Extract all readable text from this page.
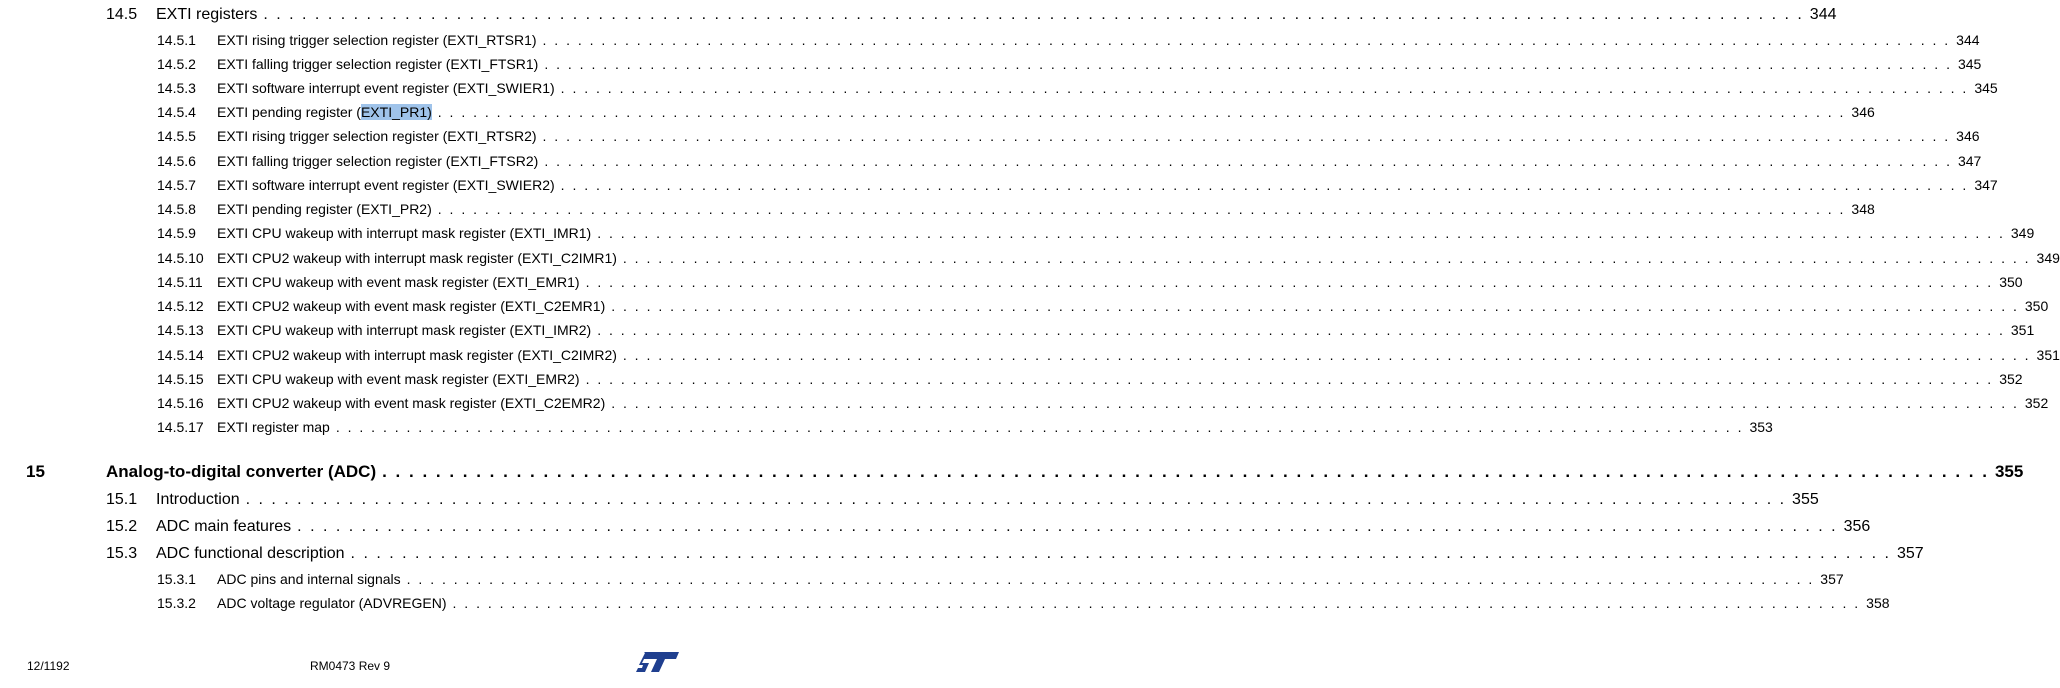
14.5 EXTI registers . . . . . . . . . . . . . . . . . . . . . . . . . . . . . . . . . . . . . . . . . . . . . . . . . . . . . . . . . . . . . . . . . . . . . . . . . . . . . . . . . . . . . . . . . . . . . . . . . . . . . . . . . . . . . . . . . . . . . . . . 344
14.5.1 EXTI rising trigger selection register (EXTI_RTSR1) . . . . . . . . . . . . . . . . . . . . . . . . . . . . . . . . . . . . . . . . . . . . . . . . . . . . . . . . . . . . . . . . . . . . . . . . . . . . . . . . . . . . . . . . . . . . . . . . . . . . . . . . . . . . . . . . . . . . . . . . 344
14.5.2 EXTI falling trigger selection register (EXTI_FTSR1) . . . . . . . . . . . . . . . . . . . . . . . . . . . . . . . . . . . . . . . . . . . . . . . . . . . . . . . . . . . . . . . . . . . . . . . . . . . . . . . . . . . . . . . . . . . . . . . . . . . . . . . . . . . . . . . . . . . . . . . . 345
14.5.3 EXTI software interrupt event register (EXTI_SWIER1) . . . . . . . . . . . . . . . . . . . . . . . . . . . . . . . . . . . . . . . . . . . . . . . . . . . . . . . . . . . . . . . . . . . . . . . . . . . . . . . . . . . . . . . . . . . . . . . . . . . . . . . . . . . . . . . . . . . . . . . . 345
14.5.4 EXTI pending register (EXTI_PR1) . . . . . . . . . . . . . . . . . . . . . . . . . . . . . . . . . . . . . . . . . . . . . . . . . . . . . . . . . . . . . . . . . . . . . . . . . . . . . . . . . . . . . . . . . . . . . . . . . . . . . . . . . . . . . . . . . . . . . . . . 346
14.5.5 EXTI rising trigger selection register (EXTI_RTSR2) . . . . . . . . . . . . . . . . . . . . . . . . . . . . . . . . . . . . . . . . . . . . . . . . . . . . . . . . . . . . . . . . . . . . . . . . . . . . . . . . . . . . . . . . . . . . . . . . . . . . . . . . . . . . . . . . . . . . . . . . 346
14.5.6 EXTI falling trigger selection register (EXTI_FTSR2) . . . . . . . . . . . . . . . . . . . . . . . . . . . . . . . . . . . . . . . . . . . . . . . . . . . . . . . . . . . . . . . . . . . . . . . . . . . . . . . . . . . . . . . . . . . . . . . . . . . . . . . . . . . . . . . . . . . . . . . . 347
14.5.7 EXTI software interrupt event register (EXTI_SWIER2) . . . . . . . . . . . . . . . . . . . . . . . . . . . . . . . . . . . . . . . . . . . . . . . . . . . . . . . . . . . . . . . . . . . . . . . . . . . . . . . . . . . . . . . . . . . . . . . . . . . . . . . . . . . . . . . . . . . . . . . . 347
14.5.8 EXTI pending register (EXTI_PR2) . . . . . . . . . . . . . . . . . . . . . . . . . . . . . . . . . . . . . . . . . . . . . . . . . . . . . . . . . . . . . . . . . . . . . . . . . . . . . . . . . . . . . . . . . . . . . . . . . . . . . . . . . . . . . . . . . . . . . . . . 348
14.5.9 EXTI CPU wakeup with interrupt mask register (EXTI_IMR1) . . . . . . . . . . . . . . . . . . . . . . . . . . . . . . . . . . . . . . . . . . . . . . . . . . . . . . . . . . . . . . . . . . . . . . . . . . . . . . . . . . . . . . . . . . . . . . . . . . . . . . . . . . . . . . . . . . . . . . . . 349
14.5.10 EXTI CPU2 wakeup with interrupt mask register (EXTI_C2IMR1) . . . . . . . . . . . . . . . . . . . . . . . . . . . . . . . . . . . . . . . . . . . . . . . . . . . . . . . . . . . . . . . . . . . . . . . . . . . . . . . . . . . . . . . . . . . . . . . . . . . . . . . . . . . . . . . . . . . . . . . . 349
14.5.11 EXTI CPU wakeup with event mask register (EXTI_EMR1) . . . . . . . . . . . . . . . . . . . . . . . . . . . . . . . . . . . . . . . . . . . . . . . . . . . . . . . . . . . . . . . . . . . . . . . . . . . . . . . . . . . . . . . . . . . . . . . . . . . . . . . . . . . . . . . . . . . . . . . . 350
14.5.12 EXTI CPU2 wakeup with event mask register (EXTI_C2EMR1) . . . . . . . . . . . . . . . . . . . . . . . . . . . . . . . . . . . . . . . . . . . . . . . . . . . . . . . . . . . . . . . . . . . . . . . . . . . . . . . . . . . . . . . . . . . . . . . . . . . . . . . . . . . . . . . . . . . . . . . . 350
14.5.13 EXTI CPU wakeup with interrupt mask register (EXTI_IMR2) . . . . . . . . . . . . . . . . . . . . . . . . . . . . . . . . . . . . . . . . . . . . . . . . . . . . . . . . . . . . . . . . . . . . . . . . . . . . . . . . . . . . . . . . . . . . . . . . . . . . . . . . . . . . . . . . . . . . . . . . 351
14.5.14 EXTI CPU2 wakeup with interrupt mask register (EXTI_C2IMR2) . . . . . . . . . . . . . . . . . . . . . . . . . . . . . . . . . . . . . . . . . . . . . . . . . . . . . . . . . . . . . . . . . . . . . . . . . . . . . . . . . . . . . . . . . . . . . . . . . . . . . . . . . . . . . . . . . . . . . . . . 351
14.5.15 EXTI CPU wakeup with event mask register (EXTI_EMR2) . . . . . . . . . . . . . . . . . . . . . . . . . . . . . . . . . . . . . . . . . . . . . . . . . . . . . . . . . . . . . . . . . . . . . . . . . . . . . . . . . . . . . . . . . . . . . . . . . . . . . . . . . . . . . . . . . . . . . . . . 352
14.5.16 EXTI CPU2 wakeup with event mask register (EXTI_C2EMR2) . . . . . . . . . . . . . . . . . . . . . . . . . . . . . . . . . . . . . . . . . . . . . . . . . . . . . . . . . . . . . . . . . . . . . . . . . . . . . . . . . . . . . . . . . . . . . . . . . . . . . . . . . . . . . . . . . . . . . . . . 352
14.5.17 EXTI register map . . . . . . . . . . . . . . . . . . . . . . . . . . . . . . . . . . . . . . . . . . . . . . . . . . . . . . . . . . . . . . . . . . . . . . . . . . . . . . . . . . . . . . . . . . . . . . . . . . . . . . . . . . . . . . . . . . . . . . . . 353
15	Analog-to-digital converter (ADC) . . . . . . . . . . . . . . . . . . . . . . . . . . . . . . . . . . . . . . . . . . . . . . . . . . . . . . . . . . . . . . . . . . . . . . . . . . . . . . . . . . . . . . . . . . . . . . . . . . . . . . . . . . . . . . . . . . . . . . . . 355
15.1 Introduction . . . . . . . . . . . . . . . . . . . . . . . . . . . . . . . . . . . . . . . . . . . . . . . . . . . . . . . . . . . . . . . . . . . . . . . . . . . . . . . . . . . . . . . . . . . . . . . . . . . . . . . . . . . . . . . . . . . . . . . . 355
15.2 ADC main features . . . . . . . . . . . . . . . . . . . . . . . . . . . . . . . . . . . . . . . . . . . . . . . . . . . . . . . . . . . . . . . . . . . . . . . . . . . . . . . . . . . . . . . . . . . . . . . . . . . . . . . . . . . . . . . . . . . . . . . . 356
15.3 ADC functional description . . . . . . . . . . . . . . . . . . . . . . . . . . . . . . . . . . . . . . . . . . . . . . . . . . . . . . . . . . . . . . . . . . . . . . . . . . . . . . . . . . . . . . . . . . . . . . . . . . . . . . . . . . . . . . . . . . . . . . . . 357
15.3.1 ADC pins and internal signals . . . . . . . . . . . . . . . . . . . . . . . . . . . . . . . . . . . . . . . . . . . . . . . . . . . . . . . . . . . . . . . . . . . . . . . . . . . . . . . . . . . . . . . . . . . . . . . . . . . . . . . . . . . . . . . . . . . . . . . . 357
15.3.2 ADC voltage regulator (ADVREGEN) . . . . . . . . . . . . . . . . . . . . . . . . . . . . . . . . . . . . . . . . . . . . . . . . . . . . . . . . . . . . . . . . . . . . . . . . . . . . . . . . . . . . . . . . . . . . . . . . . . . . . . . . . . . . . . . . . . . . . . . . 358
12/1192	RM0473 Rev 9
